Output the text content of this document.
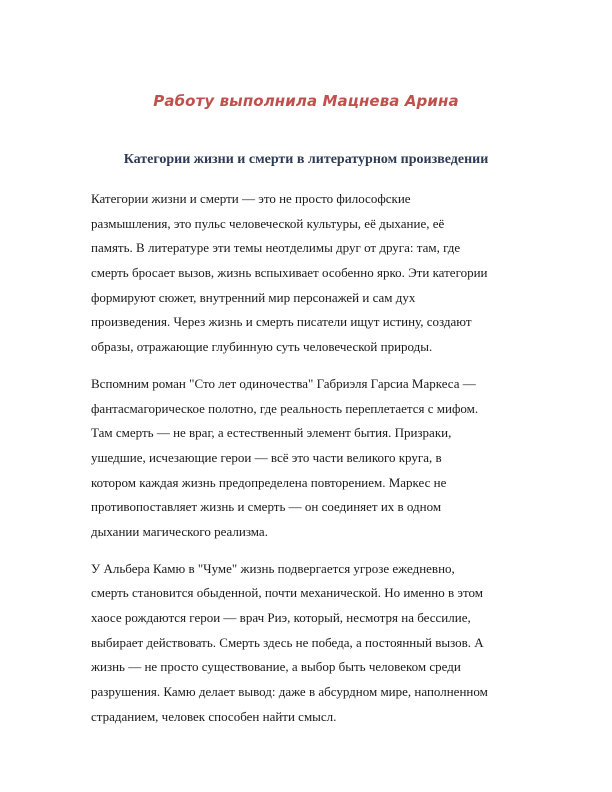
Работу выполнила Мацнева Арина
Категории жизни и смерти в литературном произведении
Категории жизни и смерти — это не просто философские
размышления, это пульс человеческой культуры, её дыхание, её
память. В литературе эти темы неотделимы друг от друга: там, где
смерть бросает вызов, жизнь вспыхивает особенно ярко. Эти категории
формируют сюжет, внутренний мир персонажей и сам дух
произведения. Через жизнь и смерть писатели ищут истину, создают
образы, отражающие глубинную суть человеческой природы.
Вспомним роман "Сто лет одиночества" Габриэля Гарсиа Маркеса —
фантасмагорическое полотно, где реальность переплетается с мифом.
Там смерть — не враг, а естественный элемент бытия. Призраки,
ушедшие, исчезающие герои — всё это части великого круга, в
котором каждая жизнь предопределена повторением. Маркес не
противопоставляет жизнь и смерть — он соединяет их в одном
дыхании магического реализма.
У Альбера Камю в "Чуме" жизнь подвергается угрозе ежедневно,
смерть становится обыденной, почти механической. Но именно в этом
хаосе рождаются герои — врач Риэ, который, несмотря на бессилие,
выбирает действовать. Смерть здесь не победа, а постоянный вызов. А
жизнь — не просто существование, а выбор быть человеком среди
разрушения. Камю делает вывод: даже в абсурдном мире, наполненном
страданием, человек способен найти смысл.
